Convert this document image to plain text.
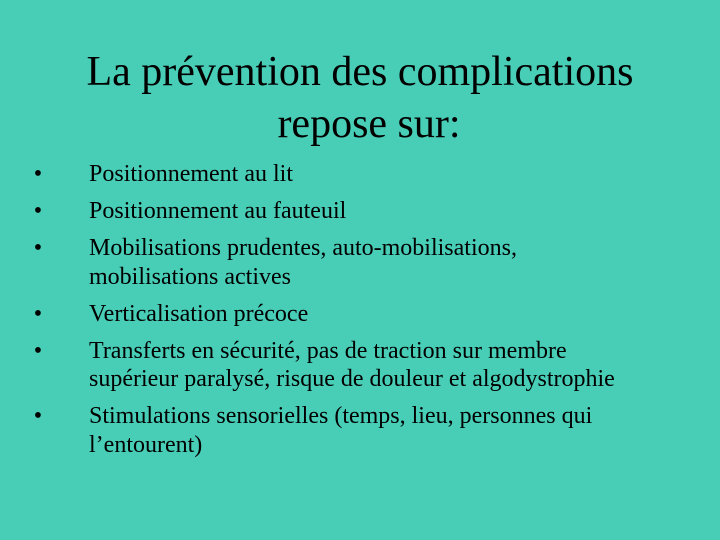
La prévention des complications
repose sur:
• Positionnement au lit
• Positionnement au fauteuil
• Mobilisations prudentes, auto-mobilisations, mobilisations actives
• Verticalisation précoce
• Transferts en sécurité, pas de traction sur membre supérieur paralysé, risque de douleur et algodystrophie
• Stimulations sensorielles (temps, lieu, personnes qui l’entourent)
